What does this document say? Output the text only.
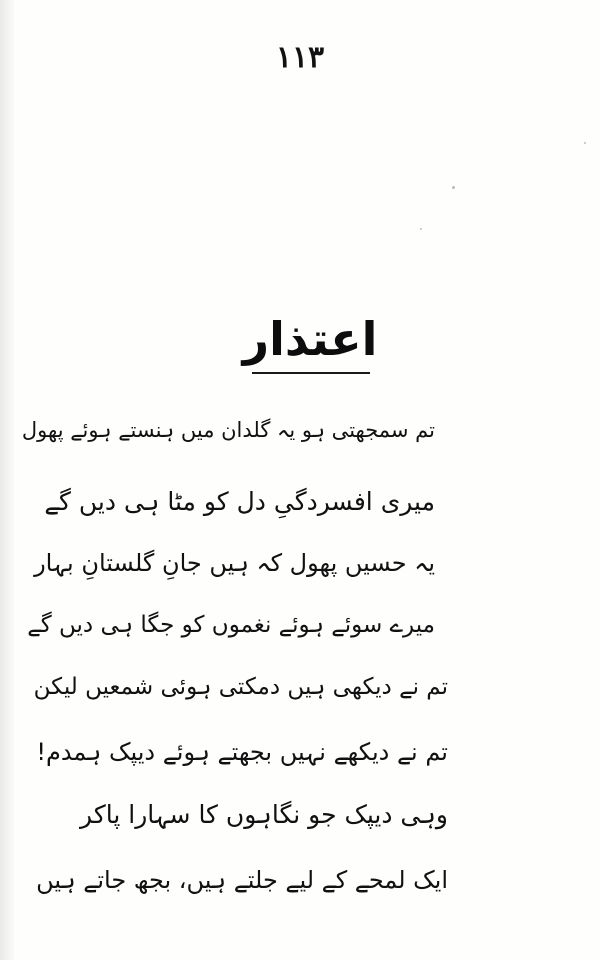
۱۱۳
اعتذار
تم سمجھتی ہو یہ گلدان میں ہنستے ہوئے پھول
میری افسردگیِ دل کو مٹا ہی دیں گے
یہ حسیں پھول کہ ہیں جانِ گلستانِ بہار
میرے سوئے ہوئے نغموں کو جگا ہی دیں گے
تم نے دیکھی ہیں دمکتی ہوئی شمعیں لیکن
تم نے دیکھے نہیں بجھتے ہوئے دیپک ہمدم!
وہی دیپک جو نگاہوں کا سہارا پاکر
ایک لمحے کے لیے جلتے ہیں، بجھ جاتے ہیں
